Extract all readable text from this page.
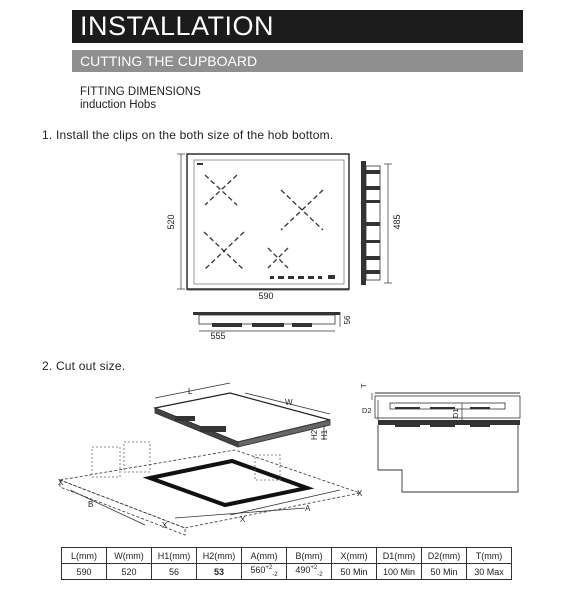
INSTALLATION
CUTTING THE CUPBOARD
FITTING DIMENSIONS
induction Hobs
1. Install the clips on the both size of the hob bottom.
2. Cut out size.
520
590
485
56
555
L
W
H2 H1
X
B
X
A
X
X
T
D2	D1
L(mm)	W(mm)	H1(mm)	H2(mm)	A(mm)	B(mm)	X(mm)	D1(mm)	D2(mm)	T(mm)
590	520	56	53	$560^{+2}_{-2}$	$490^{+2}_{-2}$	50 Min	100 Min	50 Min	30 Max
